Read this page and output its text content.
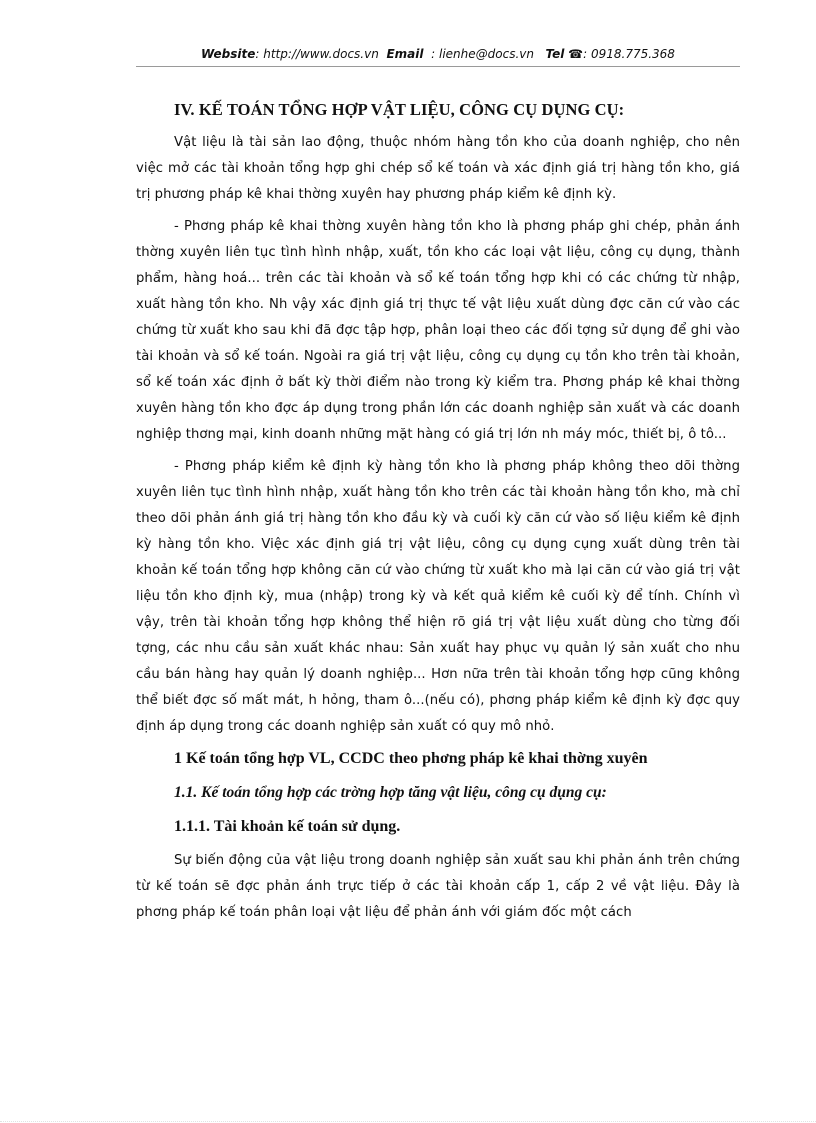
Website: http://www.docs.vn Email : lienhe@docs.vn Tel ☎: 0918.775.368
IV. KẾ TOÁN TỔNG HỢP VẬT LIỆU, CÔNG CỤ DỤNG CỤ:

Vật liệu là tài sản lao động, thuộc nhóm hàng tồn kho của doanh nghiệp, cho nên việc mở các tài khoản tổng hợp ghi chép sổ kế toán và xác định giá trị hàng tồn kho, giá trị phương pháp kê khai thờng xuyên hay phương pháp kiểm kê định kỳ.

- Phơng pháp kê khai thờng xuyên hàng tồn kho là phơng pháp ghi chép, phản ánh thờng xuyên liên tục tình hình nhập, xuất, tồn kho các loại vật liệu, công cụ dụng, thành phẩm, hàng hoá... trên các tài khoản và sổ kế toán tổng hợp khi có các chứng từ nhập, xuất hàng tồn kho. Nh vậy xác định giá trị thực tế vật liệu xuất dùng đợc căn cứ vào các chứng từ xuất kho sau khi đã đợc tập hợp, phân loại theo các đối tợng sử dụng để ghi vào tài khoản và sổ kế toán. Ngoài ra giá trị vật liệu, công cụ dụng cụ tồn kho trên tài khoản, sổ kế toán xác định ở bất kỳ thời điểm nào trong kỳ kiểm tra. Phơng pháp kê khai thờng xuyên hàng tồn kho đợc áp dụng trong phần lớn các doanh nghiệp sản xuất và các doanh nghiệp thơng mại, kinh doanh những mặt hàng có giá trị lớn nh máy móc, thiết bị, ô tô...

- Phơng pháp kiểm kê định kỳ hàng tồn kho là phơng pháp không theo dõi thờng xuyên liên tục tình hình nhập, xuất hàng tồn kho trên các tài khoản hàng tồn kho, mà chỉ theo dõi phản ánh giá trị hàng tồn kho đầu kỳ và cuối kỳ căn cứ vào số liệu kiểm kê định kỳ hàng tồn kho. Việc xác định giá trị vật liệu, công cụ dụng cụng xuất dùng trên tài khoản kế toán tổng hợp không căn cứ vào chứng từ xuất kho mà lại căn cứ vào giá trị vật liệu tồn kho định kỳ, mua (nhập) trong kỳ và kết quả kiểm kê cuối kỳ để tính. Chính vì vậy, trên tài khoản tổng hợp không thể hiện rõ giá trị vật liệu xuất dùng cho từng đối tợng, các nhu cầu sản xuất khác nhau: Sản xuất hay phục vụ quản lý sản xuất cho nhu cầu bán hàng hay quản lý doanh nghiệp... Hơn nữa trên tài khoản tổng hợp cũng không thể biết đợc số mất mát, h hỏng, tham ô...(nếu có), phơng pháp kiểm kê định kỳ đợc quy định áp dụng trong các doanh nghiệp sản xuất có quy mô nhỏ.

1 Kế toán tổng hợp VL, CCDC theo phơng pháp kê khai thờng xuyên
1.1. Kế toán tổng hợp các trờng hợp tăng vật liệu, công cụ dụng cụ:
1.1.1. Tài khoản kế toán sử dụng.

Sự biến động của vật liệu trong doanh nghiệp sản xuất sau khi phản ánh trên chứng từ kế toán sẽ đợc phản ánh trực tiếp ở các tài khoản cấp 1, cấp 2 về vật liệu. Đây là phơng pháp kế toán phân loại vật liệu để phản ánh với giám đốc một cách
